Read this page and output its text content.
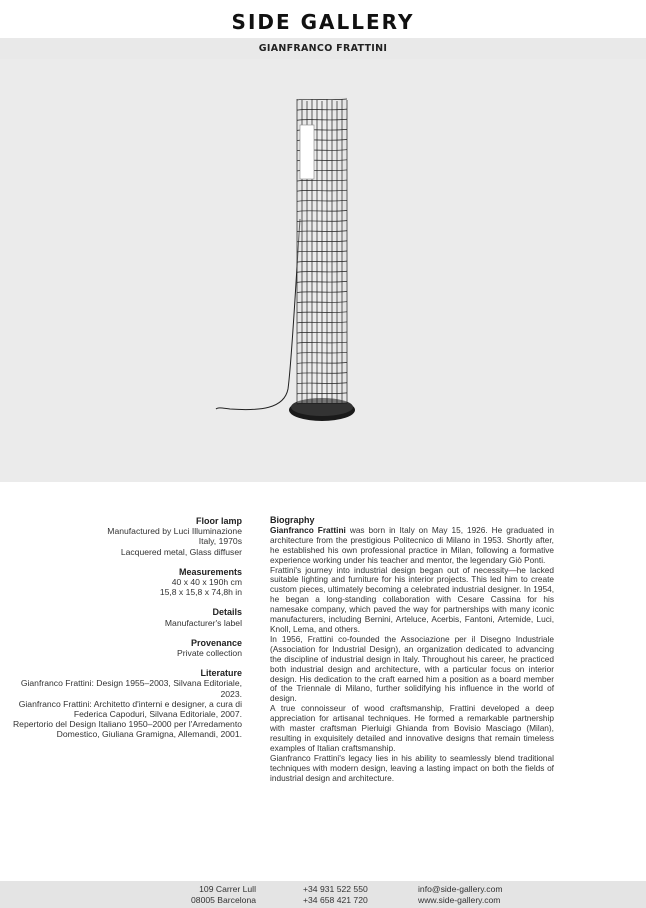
SIDE GALLERY
GIANFRANCO FRATTINI

Floor lamp

Manufactured by Luci Illuminazione

Italy, 1970s

Lacquered metal, Glass diffuser

Measurements

40 x 40 x 190h cm

15,8 x 15,8 x 74,8h in

Details

Manufacturer's label

Provenance

Private collection

Literature

Gianfranco Frattini: Design 1955–2003, Silvana Editoriale, 2023.

Gianfranco Frattini: Architetto d'interni e designer, a cura di Federica Capoduri, Silvana Editoriale, 2007.

Repertorio del Design Italiano 1950–2000 per l'Arredamento Domestico, Giuliana Gramigna, Allemandi, 2001.

Biography

Gianfranco Frattini was born in Italy on May 15, 1926. He graduated in architecture from the prestigious Politecnico di Milano in 1953. Shortly after, he established his own professional practice in Milan, following a formative experience working under his teacher and mentor, the legendary Giò Ponti.

Frattini's journey into industrial design began out of necessity—he lacked suitable lighting and furniture for his interior projects. This led him to create custom pieces, ultimately becoming a celebrated industrial designer. In 1954, he began a long-standing collaboration with Cesare Cassina for his namesake company, which paved the way for partnerships with many iconic manufacturers, including Bernini, Arteluce, Acerbis, Fantoni, Artemide, Luci, Knoll, Lema, and others.

In 1956, Frattini co-founded the Associazione per il Disegno Industriale (Association for Industrial Design), an organization dedicated to advancing the discipline of industrial design in Italy. Throughout his career, he practiced both industrial design and architecture, with a particular focus on interior design. His dedication to the craft earned him a position as a board member of the Triennale di Milano, further solidifying his influence in the world of design.

A true connoisseur of wood craftsmanship, Frattini developed a deep appreciation for artisanal techniques. He formed a remarkable partnership with master craftsman Pierluigi Ghianda from Bovisio Masciago (Milan), resulting in exquisitely detailed and innovative designs that remain timeless examples of Italian craftsmanship.

Gianfranco Frattini's legacy lies in his ability to seamlessly blend traditional techniques with modern design, leaving a lasting impact on both the fields of industrial design and architecture.

109 Carrer Lull

08005 Barcelona

+34 931 522 550

+34 658 421 720

info@side-gallery.com

www.side-gallery.com
